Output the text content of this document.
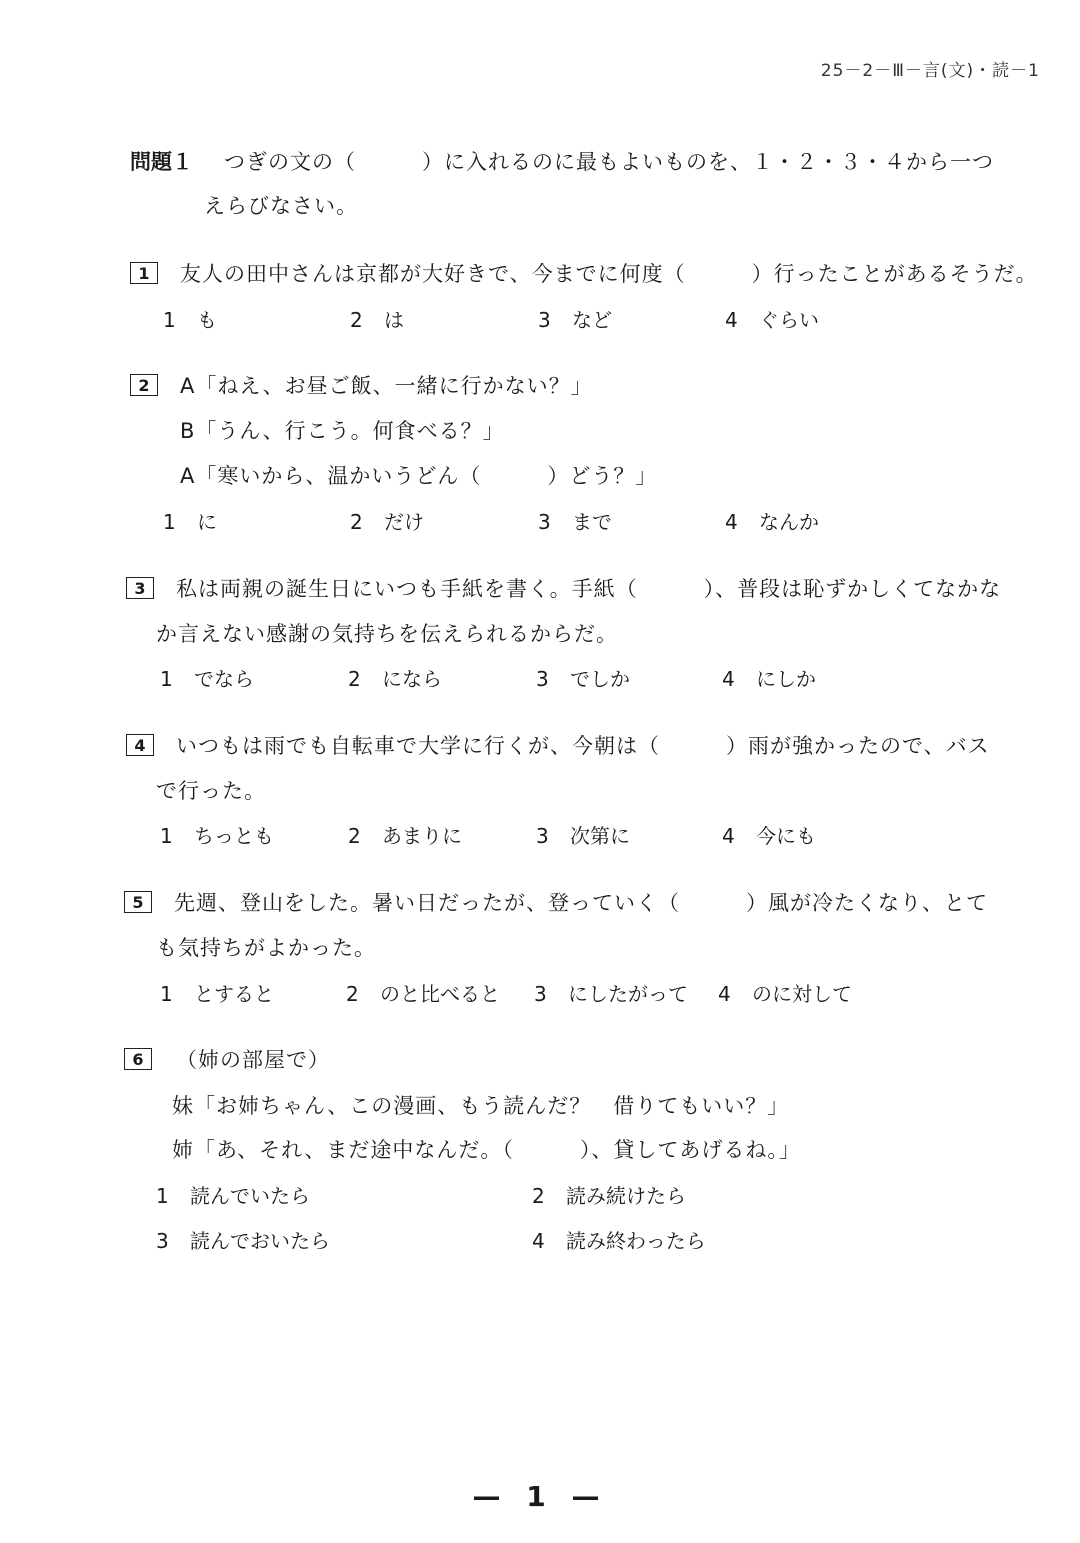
25－2－Ⅲ－言(文)・読－1
問題１ つぎの文の（　　　）に入れるのに最もよいものを、１・２・３・４から一つ
えらびなさい。
1	友人の田中さんは京都が大好きで、今までに何度（　　　）行ったことがあるそうだ。
1 も	2 は	3 など	4 ぐらい
2	A「ねえ、お昼ご飯、一緒に行かない？」
B「うん、行こう。何食べる？」
A「寒いから、温かいうどん（　　　）どう？」
1 に	2 だけ	3 まで	4 なんか
3	私は両親の誕生日にいつも手紙を書く。手紙（　　　）、普段は恥ずかしくてなかな
か言えない感謝の気持ちを伝えられるからだ。
1 でなら	2 になら	3 でしか	4 にしか
4	いつもは雨でも自転車で大学に行くが、今朝は（　　　）雨が強かったので、バス
で行った。
1 ちっとも	2 あまりに	3 次第に	4 今にも
5	先週、登山をした。暑い日だったが、登っていく（　　　）風が冷たくなり、とて
も気持ちがよかった。
1 とすると	2 のと比べると 3 にしたがって 4 のに対して
6	（姉の部屋で）
妹「お姉ちゃん、この漫画、もう読んだ？　借りてもいい？」
姉「あ、それ、まだ途中なんだ。（　　　）、貸してあげるね。」
1 読んでいたら	2 読み続けたら
3 読んでおいたら	4 読み終わったら
— 1 —
